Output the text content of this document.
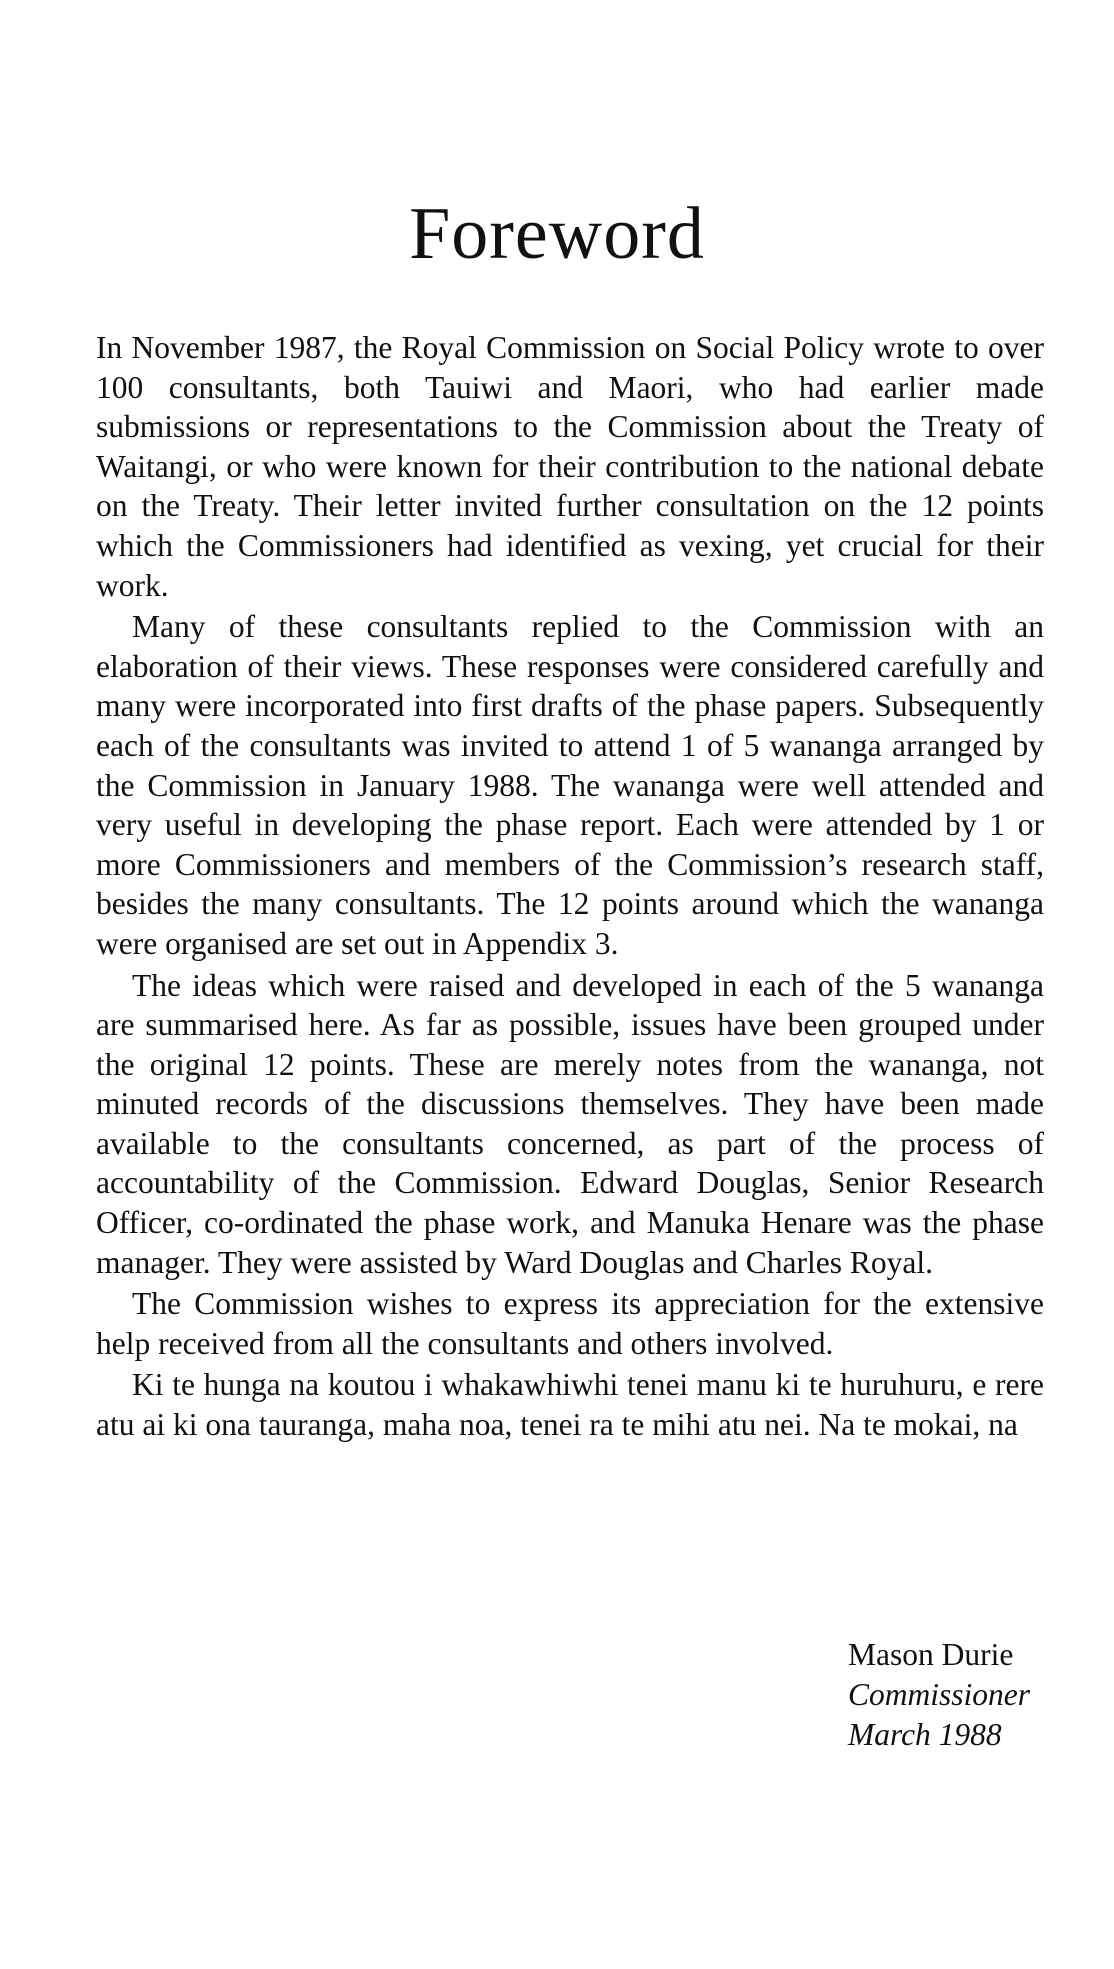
Foreword

In November 1987, the Royal Commission on Social Policy wrote to over 100 consultants, both Tauiwi and Maori, who had earlier made submissions or representations to the Commission about the Treaty of Waitangi, or who were known for their contribution to the national debate on the Treaty. Their letter invited further consultation on the 12 points which the Commissioners had identified as vexing, yet crucial for their work.

Many of these consultants replied to the Commission with an elaboration of their views. These responses were considered carefully and many were incorporated into first drafts of the phase papers. Subsequently each of the consultants was invited to attend 1 of 5 wananga arranged by the Commission in January 1988. The wananga were well attended and very useful in developing the phase report. Each were attended by 1 or more Commissioners and members of the Commission’s research staff, besides the many consultants. The 12 points around which the wananga were organised are set out in Appendix 3.

The ideas which were raised and developed in each of the 5 wananga are summarised here. As far as possible, issues have been grouped under the original 12 points. These are merely notes from the wananga, not minuted records of the discussions themselves. They have been made available to the consultants concerned, as part of the process of accountability of the Commission. Edward Douglas, Senior Research Officer, co-ordinated the phase work, and Manuka Henare was the phase manager. They were assisted by Ward Douglas and Charles Royal.

The Commission wishes to express its appreciation for the extensive help received from all the consultants and others involved.

Ki te hunga na koutou i whakawhiwhi tenei manu ki te huruhuru, e rere atu ai ki ona tauranga, maha noa, tenei ra te mihi atu nei. Na te mokai, na

Mason Durie
Commissioner
March 1988
